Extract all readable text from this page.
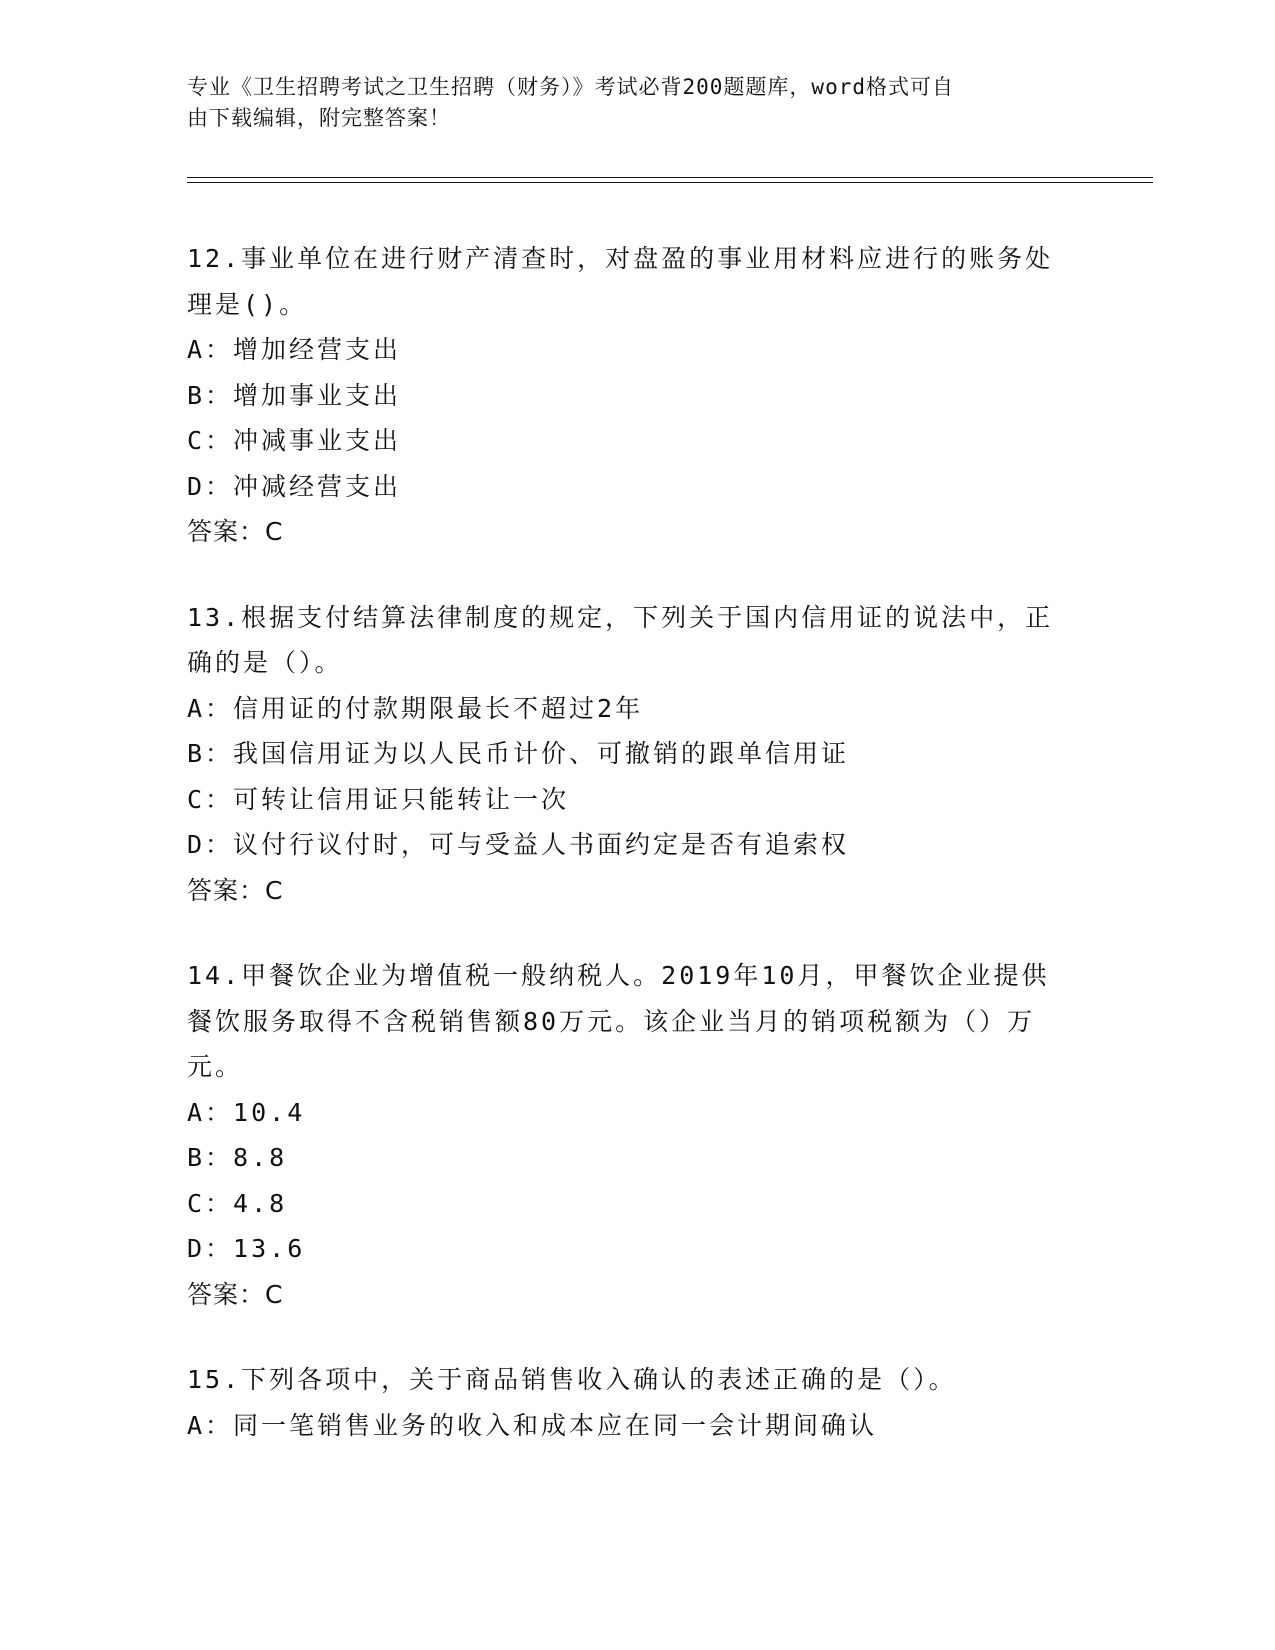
专业《卫生招聘考试之卫生招聘（财务）》考试必背200题题库，word格式可自
由下载编辑，附完整答案！
12.事业单位在进行财产清查时，对盘盈的事业用材料应进行的账务处
理是()。
A：增加经营支出
B：增加事业支出
C：冲减事业支出
D：冲减经营支出
答案：C
13.根据支付结算法律制度的规定，下列关于国内信用证的说法中，正
确的是（）。
A：信用证的付款期限最长不超过2年
B：我国信用证为以人民币计价、可撤销的跟单信用证
C：可转让信用证只能转让一次
D：议付行议付时，可与受益人书面约定是否有追索权
答案：C
14.甲餐饮企业为增值税一般纳税人。2019年10月，甲餐饮企业提供
餐饮服务取得不含税销售额80万元。该企业当月的销项税额为（）万
元。
A：10.4
B：8.8
C：4.8
D：13.6
答案：C
15.下列各项中，关于商品销售收入确认的表述正确的是（）。
A：同一笔销售业务的收入和成本应在同一会计期间确认
